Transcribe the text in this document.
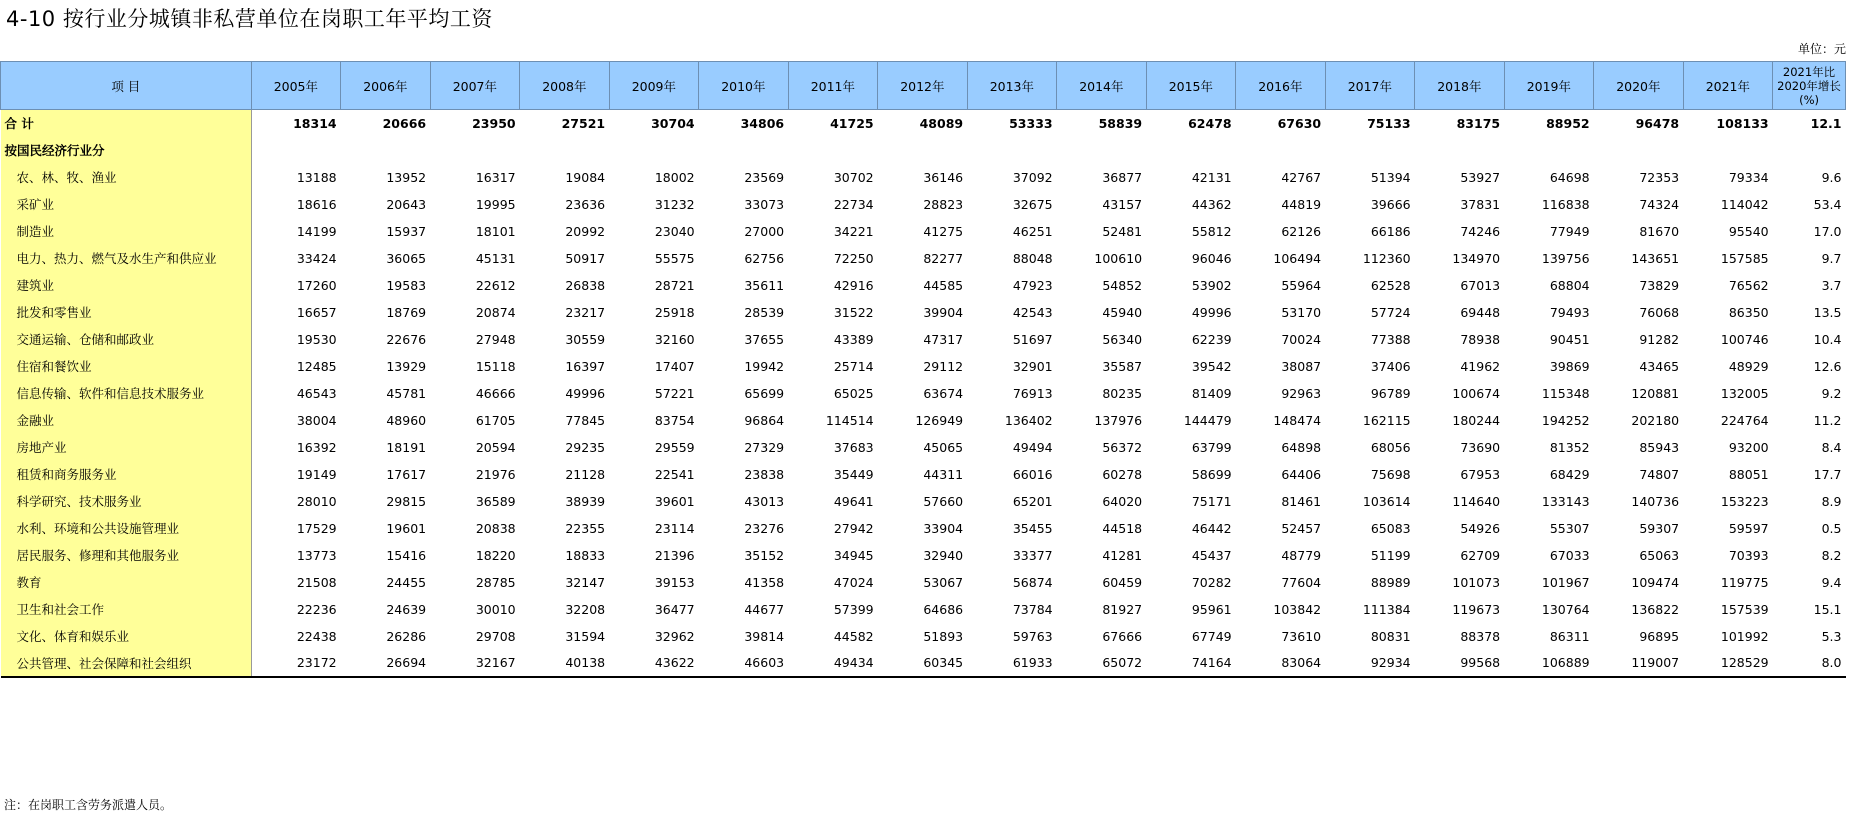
4-10 按行业分城镇非私营单位在岗职工年平均工资
单位：元
项 目	2005年	2006年	2007年	2008年	2009年	2010年	2011年	2012年	2013年	2014年	2015年	2016年	2017年	2018年	2019年	2020年	2021年	2021年比
2020年增长
(%)
合 计	18314	20666	23950	27521	30704	34806	41725	48089	53333	58839	62478	67630	75133	83175	88952	96478	108133	12.1
按国民经济行业分																		
农、林、牧、渔业	13188	13952	16317	19084	18002	23569	30702	36146	37092	36877	42131	42767	51394	53927	64698	72353	79334	9.6
采矿业	18616	20643	19995	23636	31232	33073	22734	28823	32675	43157	44362	44819	39666	37831	116838	74324	114042	53.4
制造业	14199	15937	18101	20992	23040	27000	34221	41275	46251	52481	55812	62126	66186	74246	77949	81670	95540	17.0
电力、热力、燃气及水生产和供应业	33424	36065	45131	50917	55575	62756	72250	82277	88048	100610	96046	106494	112360	134970	139756	143651	157585	9.7
建筑业	17260	19583	22612	26838	28721	35611	42916	44585	47923	54852	53902	55964	62528	67013	68804	73829	76562	3.7
批发和零售业	16657	18769	20874	23217	25918	28539	31522	39904	42543	45940	49996	53170	57724	69448	79493	76068	86350	13.5
交通运输、仓储和邮政业	19530	22676	27948	30559	32160	37655	43389	47317	51697	56340	62239	70024	77388	78938	90451	91282	100746	10.4
住宿和餐饮业	12485	13929	15118	16397	17407	19942	25714	29112	32901	35587	39542	38087	37406	41962	39869	43465	48929	12.6
信息传输、软件和信息技术服务业	46543	45781	46666	49996	57221	65699	65025	63674	76913	80235	81409	92963	96789	100674	115348	120881	132005	9.2
金融业	38004	48960	61705	77845	83754	96864	114514	126949	136402	137976	144479	148474	162115	180244	194252	202180	224764	11.2
房地产业	16392	18191	20594	29235	29559	27329	37683	45065	49494	56372	63799	64898	68056	73690	81352	85943	93200	8.4
租赁和商务服务业	19149	17617	21976	21128	22541	23838	35449	44311	66016	60278	58699	64406	75698	67953	68429	74807	88051	17.7
科学研究、技术服务业	28010	29815	36589	38939	39601	43013	49641	57660	65201	64020	75171	81461	103614	114640	133143	140736	153223	8.9
水利、环境和公共设施管理业	17529	19601	20838	22355	23114	23276	27942	33904	35455	44518	46442	52457	65083	54926	55307	59307	59597	0.5
居民服务、修理和其他服务业	13773	15416	18220	18833	21396	35152	34945	32940	33377	41281	45437	48779	51199	62709	67033	65063	70393	8.2
教育	21508	24455	28785	32147	39153	41358	47024	53067	56874	60459	70282	77604	88989	101073	101967	109474	119775	9.4
卫生和社会工作	22236	24639	30010	32208	36477	44677	57399	64686	73784	81927	95961	103842	111384	119673	130764	136822	157539	15.1
文化、体育和娱乐业	22438	26286	29708	31594	32962	39814	44582	51893	59763	67666	67749	73610	80831	88378	86311	96895	101992	5.3
公共管理、社会保障和社会组织	23172	26694	32167	40138	43622	46603	49434	60345	61933	65072	74164	83064	92934	99568	106889	119007	128529	8.0
注：在岗职工含劳务派遣人员。
